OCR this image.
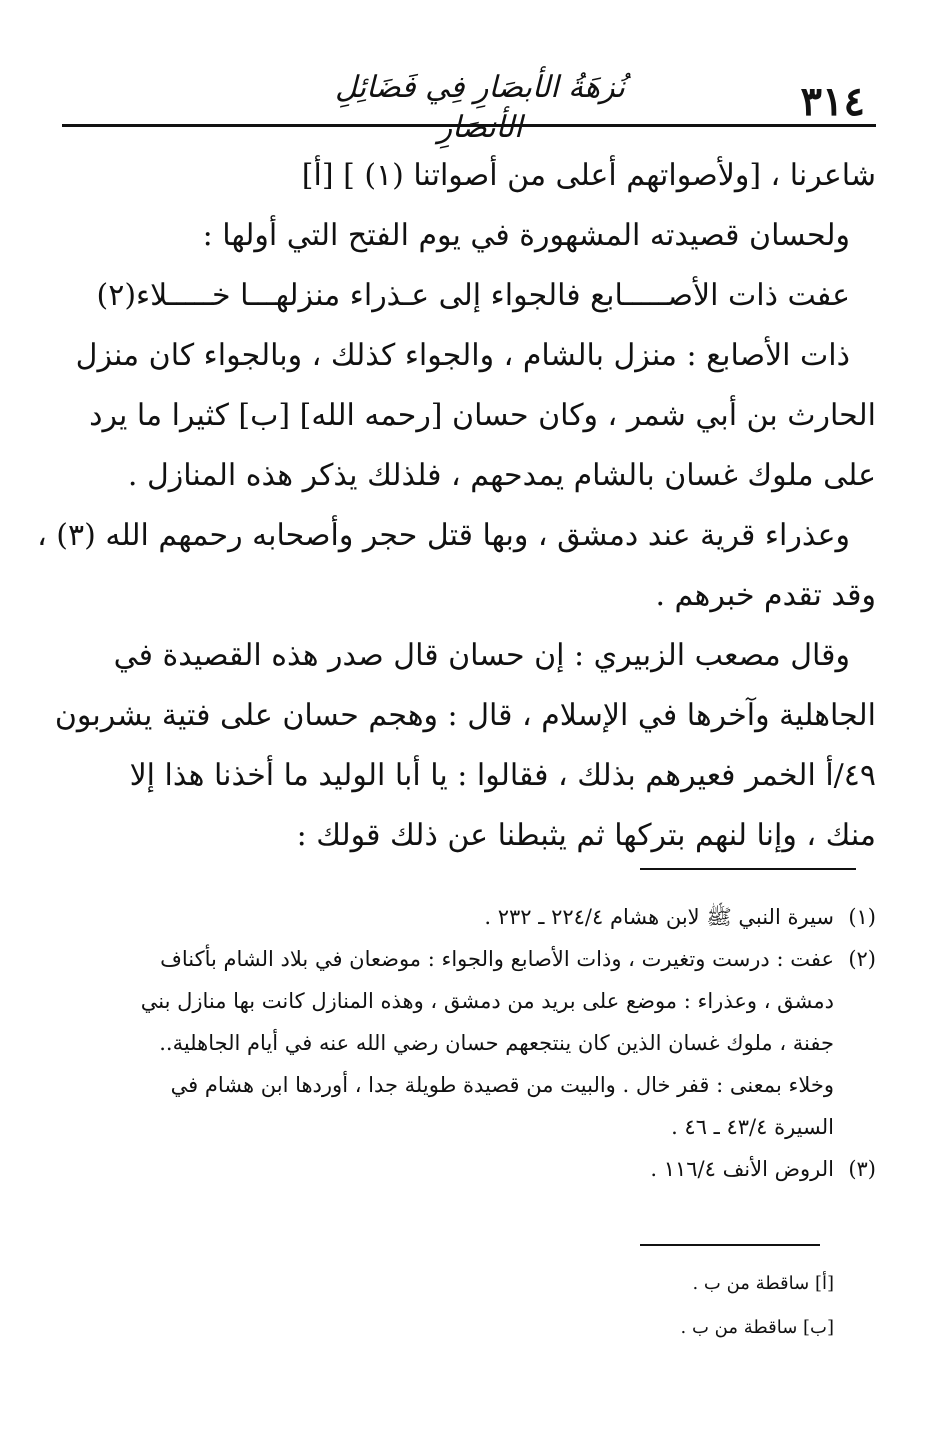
٣١٤
نُزهَةُ الأبصَارِ فِي فَضَائِلِ الأنصَارِ
شاعرنا ، [ولأصواتهم أعلى من أصواتنا (١) ] [أ]
ولحسان قصيدته المشهورة في يوم الفتح التي أولها :
عفت ذات الأصـــــابع فالجواء إلى عـذراء منزلهـــا خـــــلاء(٢)
ذات الأصابع : منزل بالشام ، والجواء كذلك ، وبالجواء كان منزل
الحارث بن أبي شمر ، وكان حسان [رحمه الله] [ب] كثيرا ما يرد
على ملوك غسان بالشام يمدحهم ، فلذلك يذكر هذه المنازل .
وعذراء قرية عند دمشق ، وبها قتل حجر وأصحابه رحمهم الله (٣) ،
وقد تقدم خبرهم .
وقال مصعب الزبيري : إن حسان قال صدر هذه القصيدة في
الجاهلية وآخرها في الإسلام ، قال : وهجم حسان على فتية يشربون
٤٩/أ الخمر فعيرهم بذلك ، فقالوا : يا أبا الوليد ما أخذنا هذا إلا
منك ، وإنا لنهم بتركها ثم يثبطنا عن ذلك قولك :
(١)سيرة النبي ﷺ لابن هشام ٢٢٤/٤ ـ ٢٣٢ .
(٢)عفت : درست وتغيرت ، وذات الأصابع والجواء : موضعان في بلاد الشام بأكناف
دمشق ، وعذراء : موضع على بريد من دمشق ، وهذه المنازل كانت بها منازل بني
جفنة ، ملوك غسان الذين كان ينتجعهم حسان رضي الله عنه في أيام الجاهلية..
وخلاء بمعنى : قفر خال . والبيت من قصيدة طويلة جدا ، أوردها ابن هشام في
السيرة ٤٣/٤ ـ ٤٦ .
(٣)الروض الأنف ١١٦/٤ .
[أ] ساقطة من ب .
[ب] ساقطة من ب .
